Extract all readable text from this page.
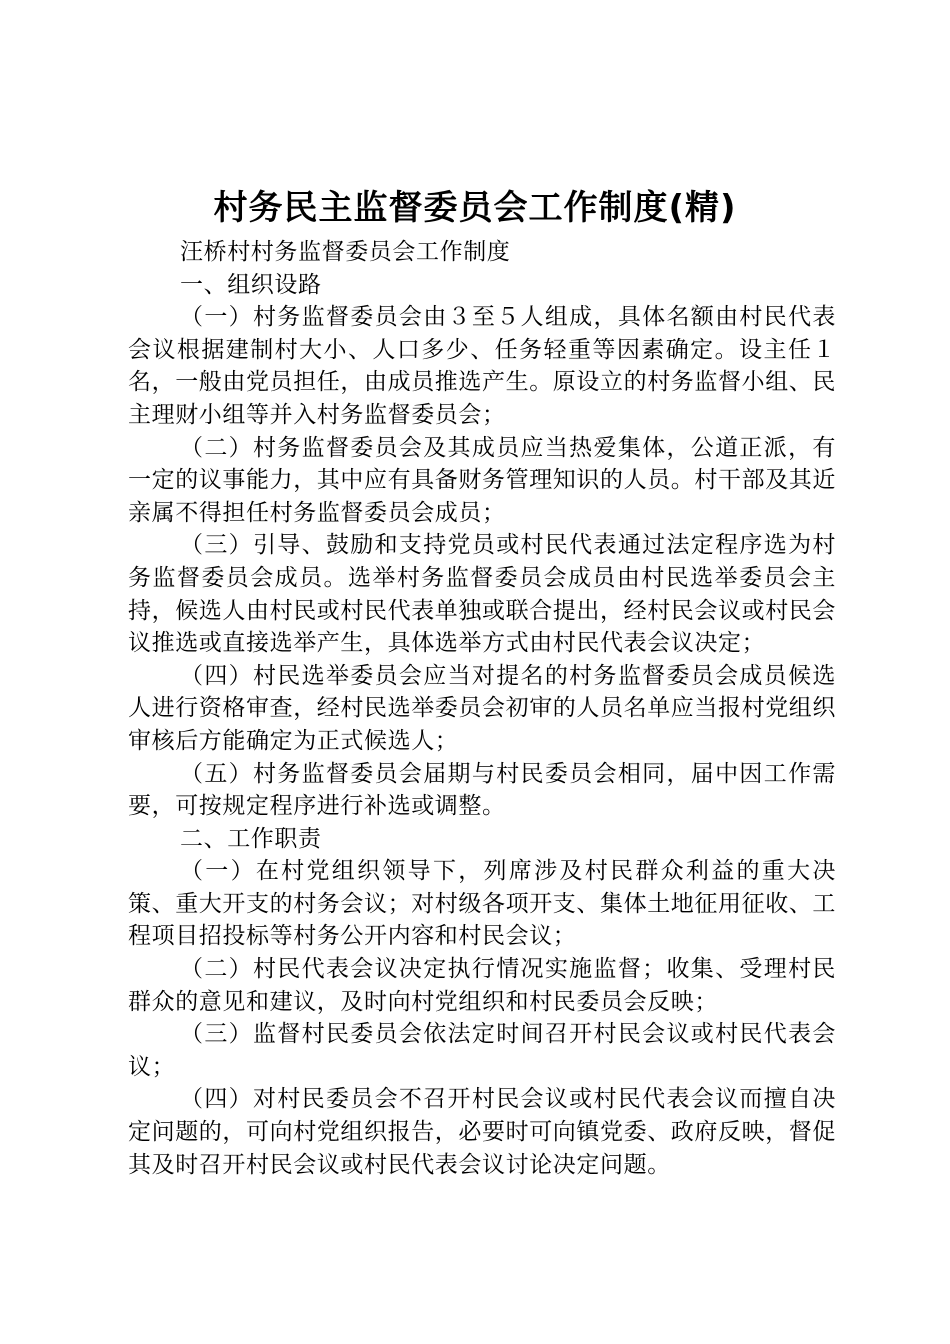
村务民主监督委员会工作制度(精)

汪桥村村务监督委员会工作制度

一、组织设路

（一）村务监督委员会由３至５人组成，具体名额由村民代表会议根据建制村大小、人口多少、任务轻重等因素确定。设主任１名，一般由党员担任，由成员推选产生。原设立的村务监督小组、民主理财小组等并入村务监督委员会；

（二）村务监督委员会及其成员应当热爱集体，公道正派，有一定的议事能力，其中应有具备财务管理知识的人员。村干部及其近亲属不得担任村务监督委员会成员；

（三）引导、鼓励和支持党员或村民代表通过法定程序选为村务监督委员会成员。选举村务监督委员会成员由村民选举委员会主持，候选人由村民或村民代表单独或联合提出，经村民会议或村民会议推选或直接选举产生，具体选举方式由村民代表会议决定；

（四）村民选举委员会应当对提名的村务监督委员会成员候选人进行资格审查，经村民选举委员会初审的人员名单应当报村党组织审核后方能确定为正式候选人；

（五）村务监督委员会届期与村民委员会相同，届中因工作需要，可按规定程序进行补选或调整。

二、工作职责

（一）在村党组织领导下，列席涉及村民群众利益的重大决策、重大开支的村务会议；对村级各项开支、集体土地征用征收、工程项目招投标等村务公开内容和村民会议；

（二）村民代表会议决定执行情况实施监督；收集、受理村民群众的意见和建议，及时向村党组织和村民委员会反映；

（三）监督村民委员会依法定时间召开村民会议或村民代表会议；

（四）对村民委员会不召开村民会议或村民代表会议而擅自决定问题的，可向村党组织报告，必要时可向镇党委、政府反映，督促其及时召开村民会议或村民代表会议讨论决定问题。
